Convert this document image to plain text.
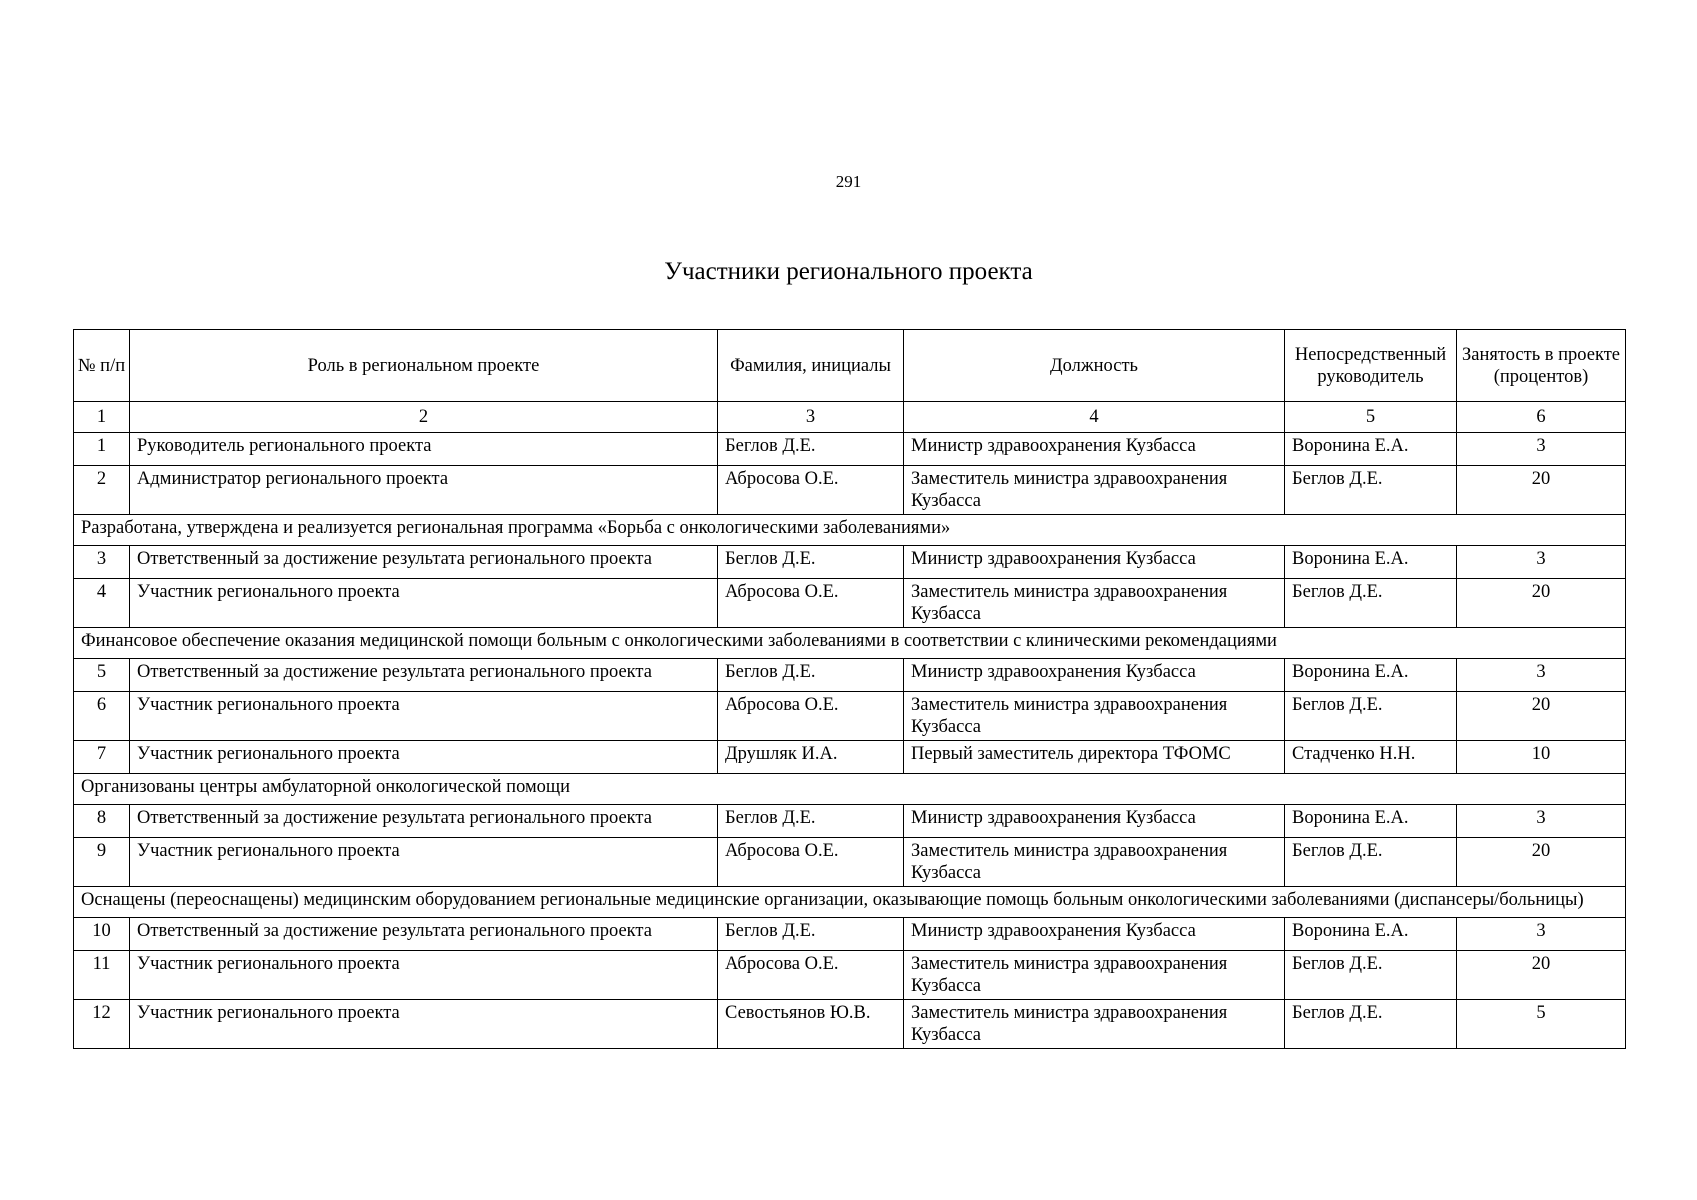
291
Участники регионального проекта
№ п/п	Роль в региональном проекте	Фамилия, инициалы	Должность	Непосредственный руководитель	Занятость в проекте (процентов)
1	2	3	4	5	6
1	Руководитель регионального проекта	Беглов Д.Е.	Министр здравоохранения Кузбасса	Воронина Е.А.	3
2	Администратор регионального проекта	Абросова О.Е.	Заместитель министра здравоохранения Кузбасса	Беглов Д.Е.	20
Разработана, утверждена и реализуется региональная программа «Борьба с онкологическими заболеваниями»					
3	Ответственный за достижение результата регионального проекта	Беглов Д.Е.	Министр здравоохранения Кузбасса	Воронина Е.А.	3
4	Участник регионального проекта	Абросова О.Е.	Заместитель министра здравоохранения Кузбасса	Беглов Д.Е.	20
Финансовое обеспечение оказания медицинской помощи больным с онкологическими заболеваниями в соответствии с клиническими рекомендациями					
5	Ответственный за достижение результата регионального проекта	Беглов Д.Е.	Министр здравоохранения Кузбасса	Воронина Е.А.	3
6	Участник регионального проекта	Абросова О.Е.	Заместитель министра здравоохранения Кузбасса	Беглов Д.Е.	20
7	Участник регионального проекта	Друшляк И.А.	Первый заместитель директора ТФОМС	Стадченко Н.Н.	10
Организованы центры амбулаторной онкологической помощи					
8	Ответственный за достижение результата регионального проекта	Беглов Д.Е.	Министр здравоохранения Кузбасса	Воронина Е.А.	3
9	Участник регионального проекта	Абросова О.Е.	Заместитель министра здравоохранения Кузбасса	Беглов Д.Е.	20
Оснащены (переоснащены) медицинским оборудованием региональные медицинские организации, оказывающие помощь больным онкологическими заболеваниями (диспансеры/больницы)					
10	Ответственный за достижение результата регионального проекта	Беглов Д.Е.	Министр здравоохранения Кузбасса	Воронина Е.А.	3
11	Участник регионального проекта	Абросова О.Е.	Заместитель министра здравоохранения Кузбасса	Беглов Д.Е.	20
12	Участник регионального проекта	Севостьянов Ю.В.	Заместитель министра здравоохранения Кузбасса	Беглов Д.Е.	5
